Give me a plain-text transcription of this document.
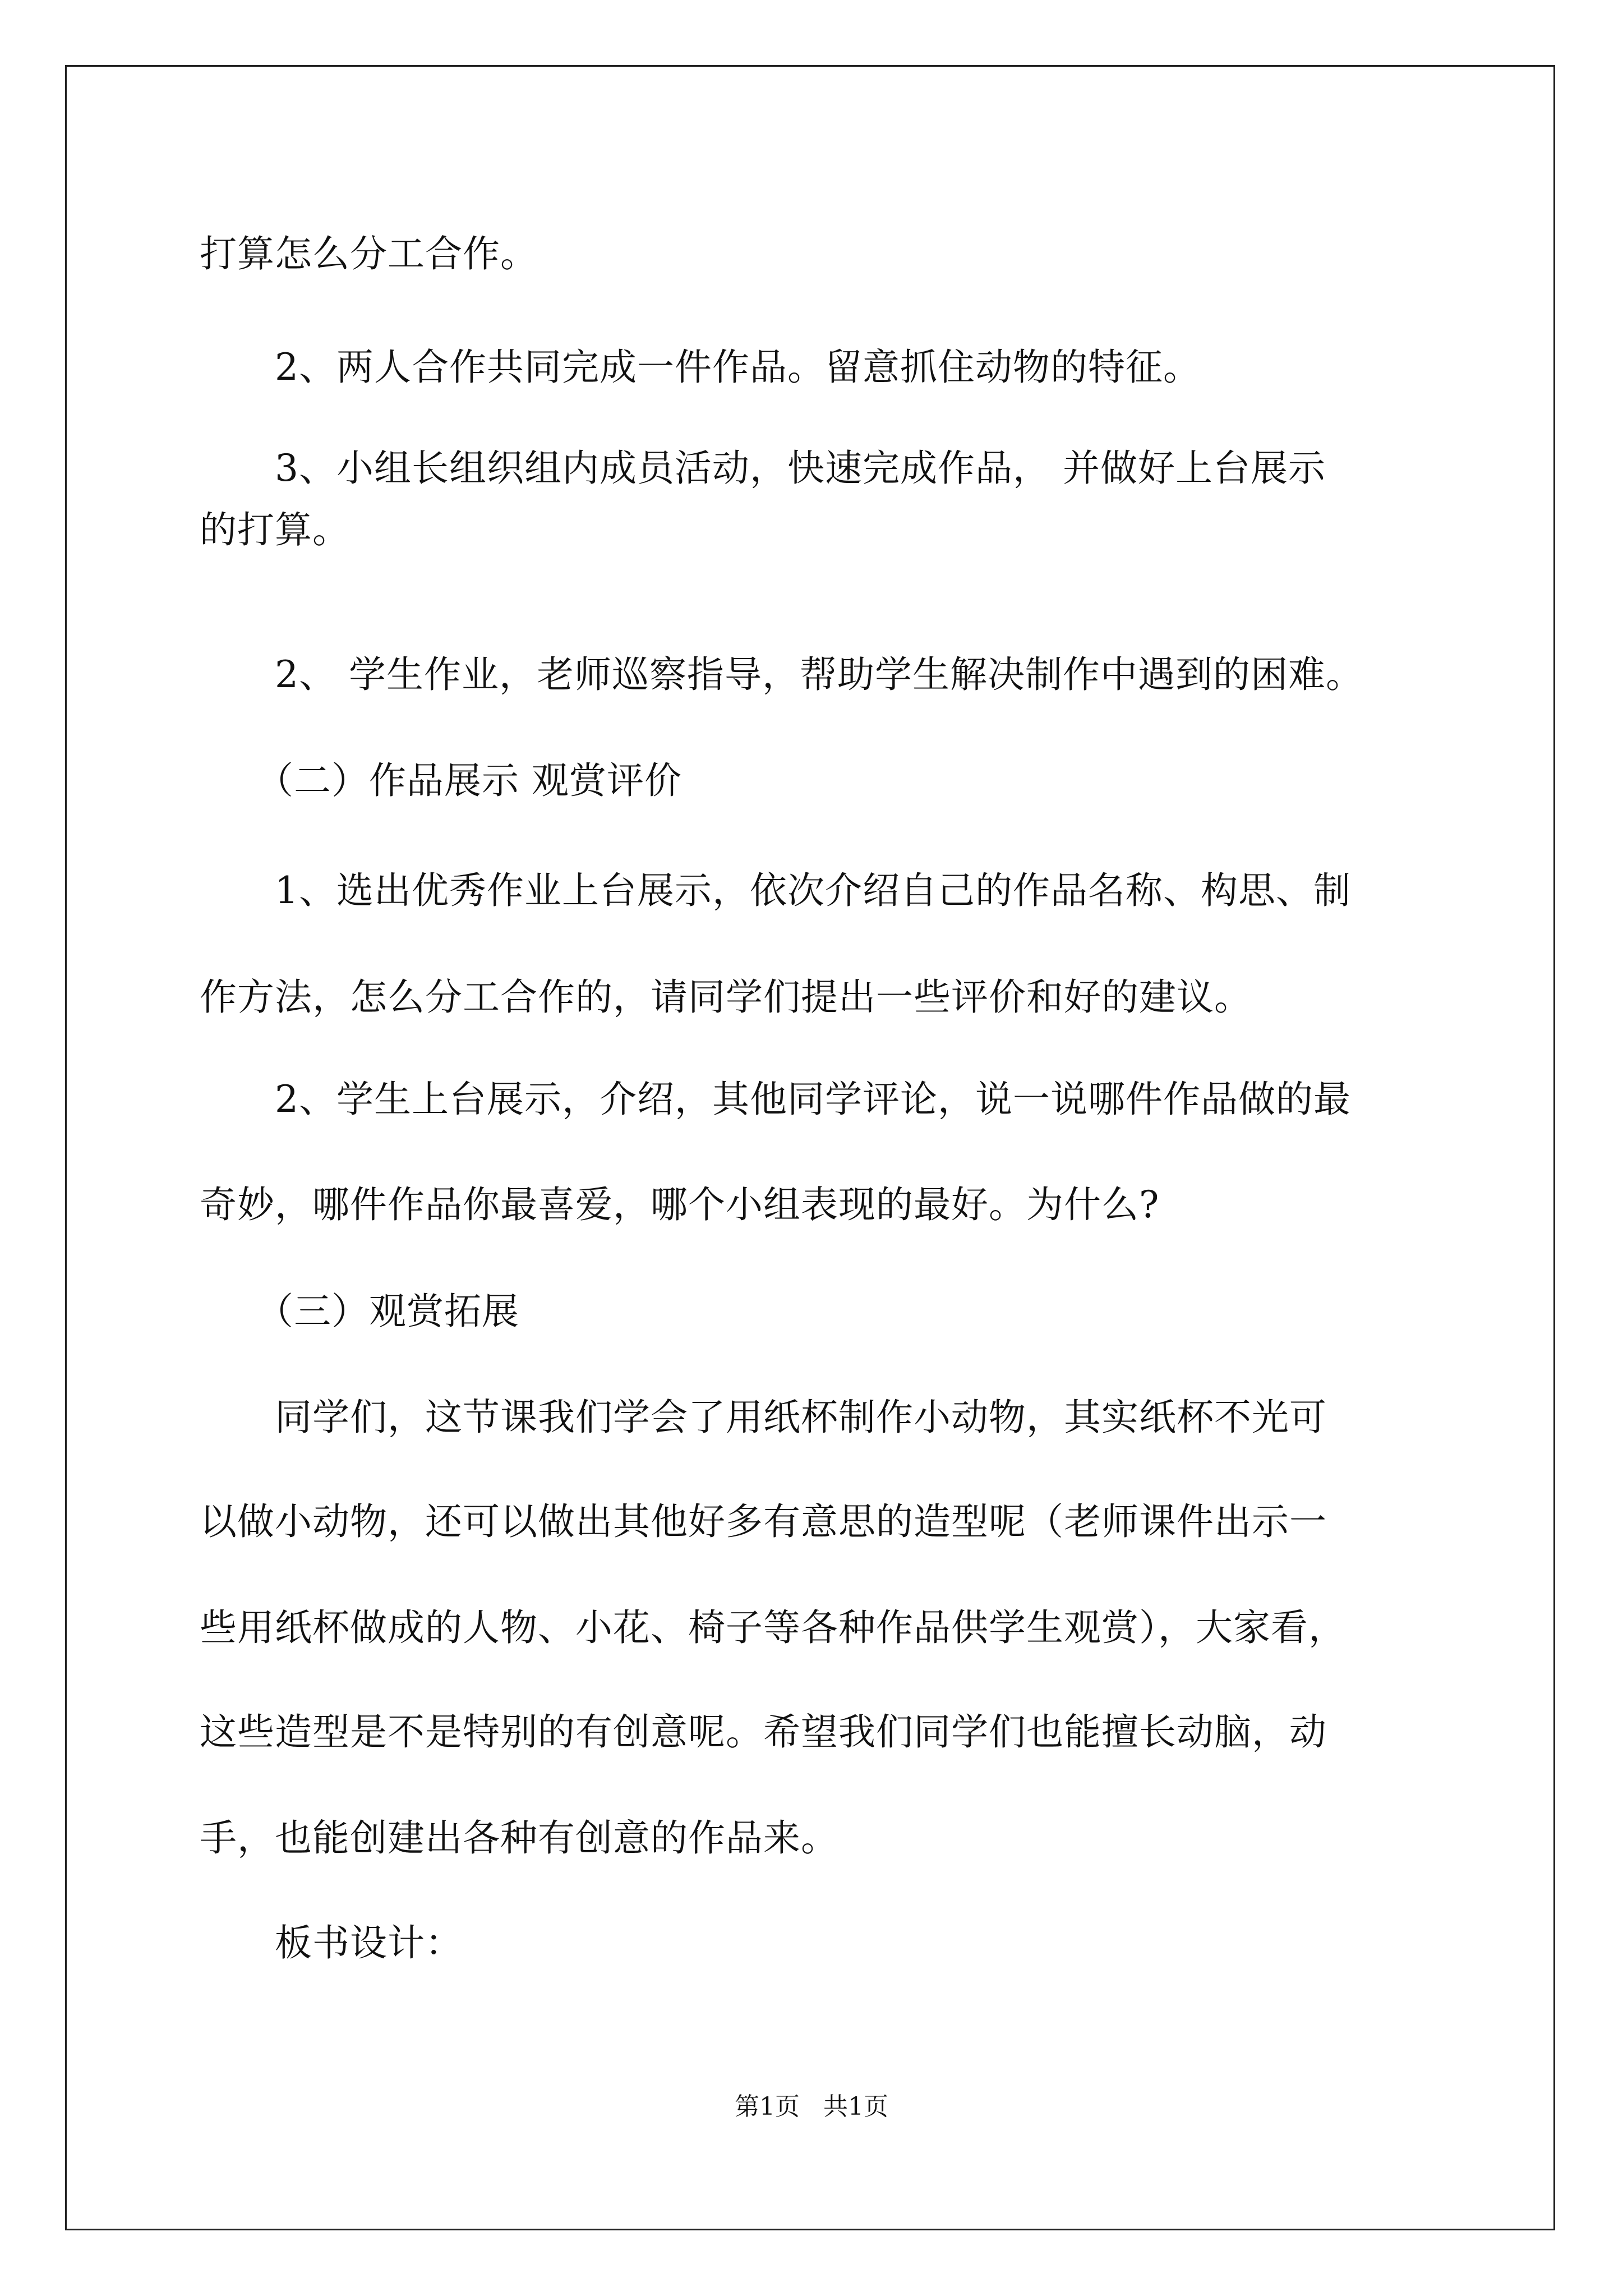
打算怎么分工合作。
　　2、两人合作共同完成一件作品。留意抓住动物的特征。
　　3、小组长组织组内成员活动，快速完成作品， 并做好上台展示
的打算。
　　2、 学生作业，老师巡察指导，帮助学生解决制作中遇到的困难。
　　（二）作品展示 观赏评价
　　1、选出优秀作业上台展示，依次介绍自己的作品名称、构思、制
作方法，怎么分工合作的，请同学们提出一些评价和好的建议。
　　2、学生上台展示，介绍，其他同学评论，说一说哪件作品做的最
奇妙，哪件作品你最喜爱，哪个小组表现的最好。为什么?
　　（三）观赏拓展
　　同学们，这节课我们学会了用纸杯制作小动物，其实纸杯不光可
以做小动物，还可以做出其他好多有意思的造型呢（老师课件出示一
些用纸杯做成的人物、小花、椅子等各种作品供学生观赏），大家看，
这些造型是不是特别的有创意呢。希望我们同学们也能擅长动脑，动
手，也能创建出各种有创意的作品来。
　　板书设计：
第1页   共1页
